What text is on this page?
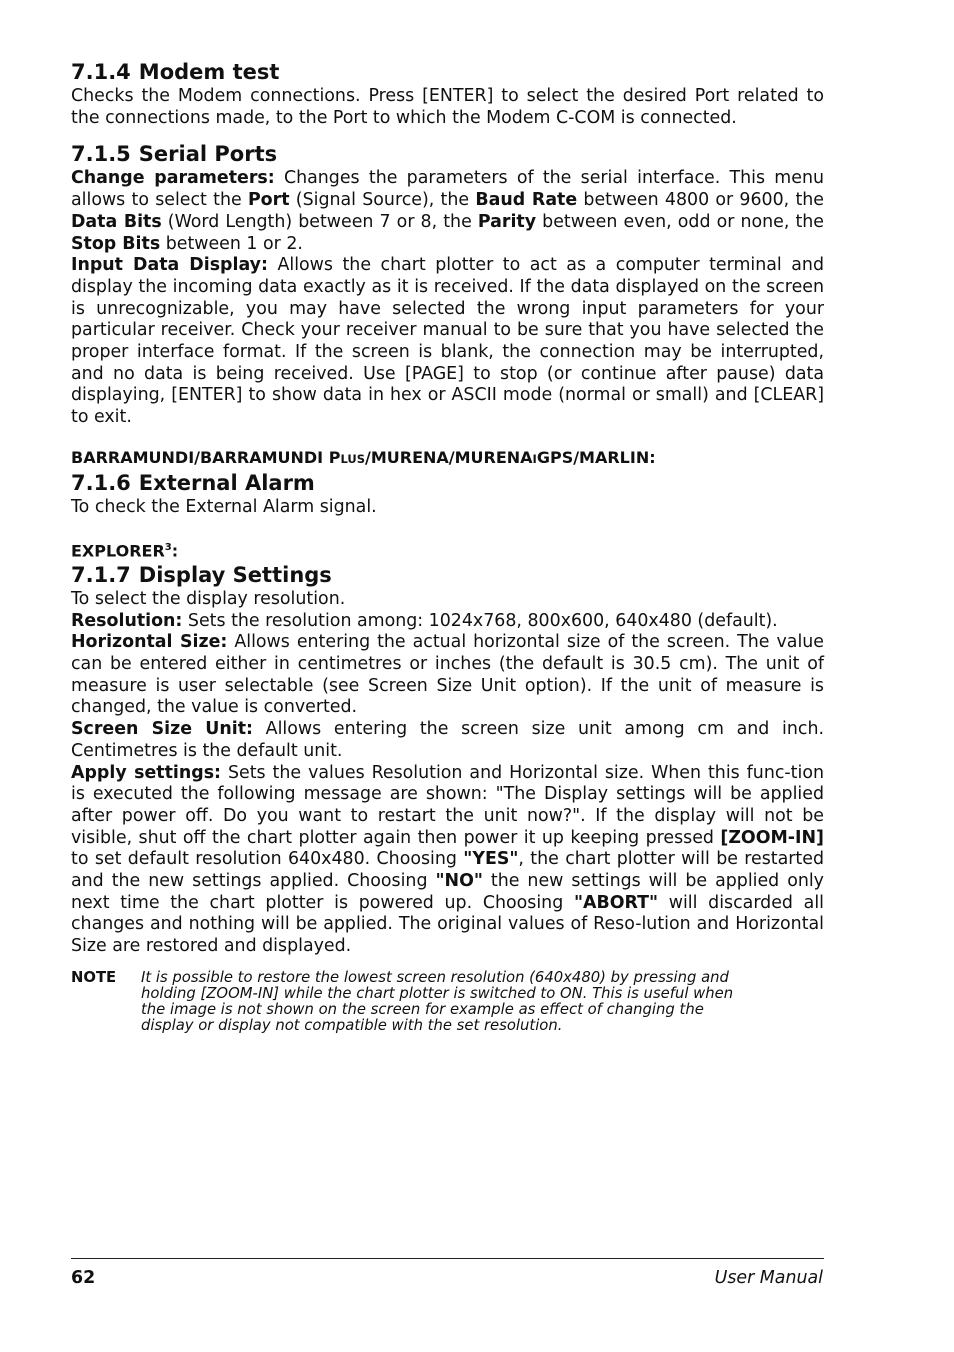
7.1.4 Modem test

Checks the Modem connections. Press [ENTER] to select the desired Port related to the connections made, to the Port to which the Modem C-COM is connected.

7.1.5 Serial Ports

Change parameters: Changes the parameters of the serial interface. This menu allows to select the Port (Signal Source), the Baud Rate between 4800 or 9600, the Data Bits (Word Length) between 7 or 8, the Parity between even, odd or none, the Stop Bits between 1 or 2.

Input Data Display: Allows the chart plotter to act as a computer terminal and display the incoming data exactly as it is received. If the data displayed on the screen is unrecognizable, you may have selected the wrong input parameters for your particular receiver. Check your receiver manual to be sure that you have selected the proper interface format. If the screen is blank, the connection may be interrupted, and no data is being received. Use [PAGE] to stop (or continue after pause) data displaying, [ENTER] to show data in hex or ASCII mode (normal or small) and [CLEAR] to exit.

BARRAMUNDI/BARRAMUNDI PLUS/MURENA/MURENAIGPS/MARLIN:

7.1.6 External Alarm

To check the External Alarm signal.

EXPLORER$^3$:

7.1.7 Display Settings

To select the display resolution.

Resolution: Sets the resolution among: 1024x768, 800x600, 640x480 (default).

Horizontal Size: Allows entering the actual horizontal size of the screen. The value can be entered either in centimetres or inches (the default is 30.5 cm). The unit of measure is user selectable (see Screen Size Unit option). If the unit of measure is changed, the value is converted.

Screen Size Unit: Allows entering the screen size unit among cm and inch. Centimetres is the default unit.

Apply settings: Sets the values Resolution and Horizontal size. When this func-tion is executed the following message are shown: "The Display settings will be applied after power off. Do you want to restart the unit now?". If the display will not be visible, shut off the chart plotter again then power it up keeping pressed [ZOOM-IN] to set default resolution 640x480. Choosing "YES", the chart plotter will be restarted and the new settings applied. Choosing "NO" the new settings will be applied only next time the chart plotter is powered up. Choosing "ABORT" will discarded all changes and nothing will be applied. The original values of Reso-lution and Horizontal Size are restored and displayed.

NOTE	It is possible to restore the lowest screen resolution (640x480) by pressing and holding [ZOOM-IN] while the chart plotter is switched to ON. This is useful when the image is not shown on the screen for example as effect of changing the display or display not compatible with the set resolution.
62	User Manual
